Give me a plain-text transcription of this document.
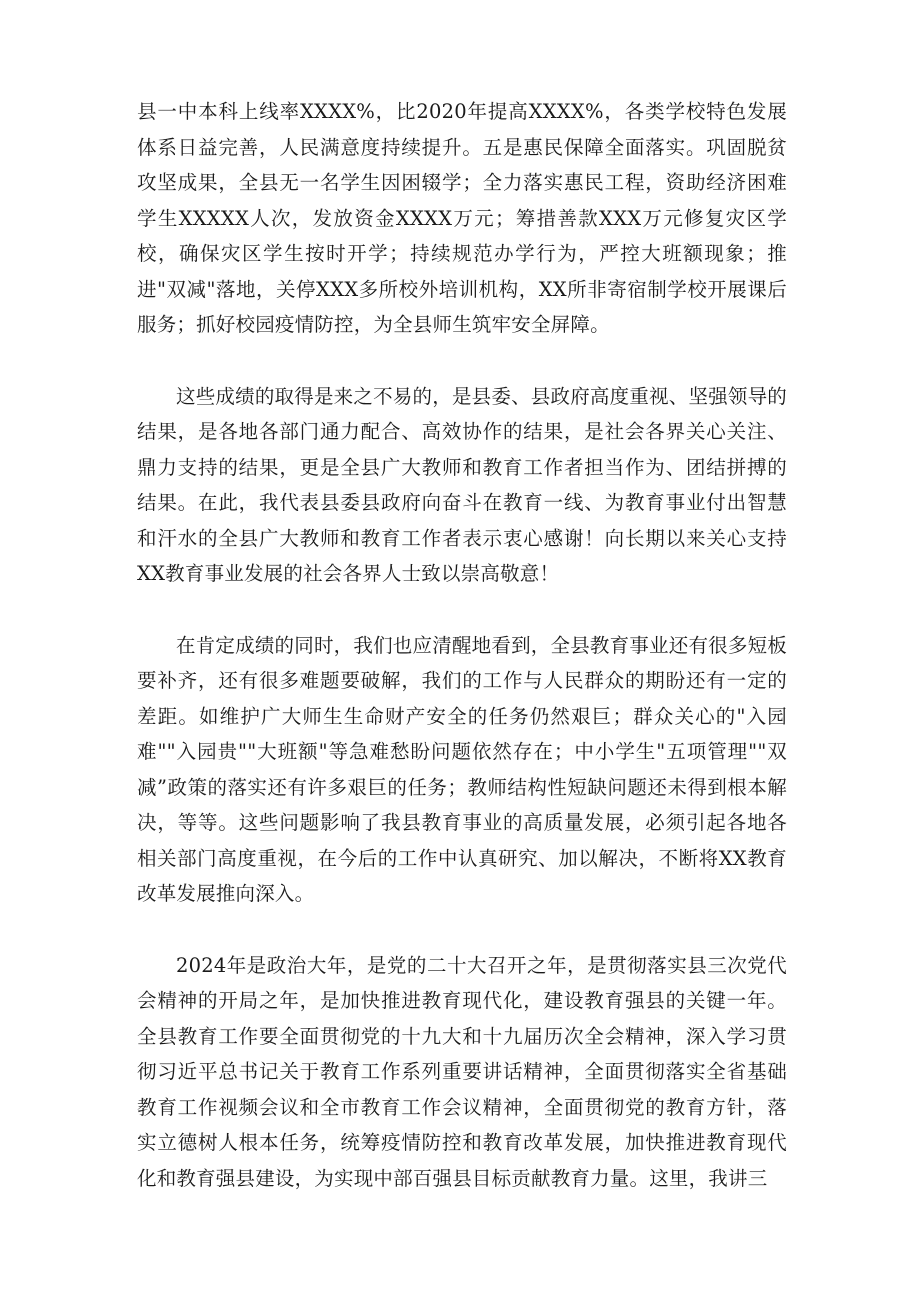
县一中本科上线率XXXX%，比2020年提高XXXX%，各类学校特色发展体系日益完善，人民满意度持续提升。五是惠民保障全面落实。巩固脱贫攻坚成果，全县无一名学生因困辍学；全力落实惠民工程，资助经济困难学生XXXXX人次，发放资金XXXX万元；筹措善款XXX万元修复灾区学校，确保灾区学生按时开学；持续规范办学行为，严控大班额现象；推进"双减"落地，关停XXX多所校外培训机构，XX所非寄宿制学校开展课后服务；抓好校园疫情防控，为全县师生筑牢安全屏障。

这些成绩的取得是来之不易的，是县委、县政府高度重视、坚强领导的结果，是各地各部门通力配合、高效协作的结果，是社会各界关心关注、鼎力支持的结果，更是全县广大教师和教育工作者担当作为、团结拼搏的结果。在此，我代表县委县政府向奋斗在教育一线、为教育事业付出智慧和汗水的全县广大教师和教育工作者表示衷心感谢！向长期以来关心支持XX教育事业发展的社会各界人士致以崇高敬意！

在肯定成绩的同时，我们也应清醒地看到，全县教育事业还有很多短板要补齐，还有很多难题要破解，我们的工作与人民群众的期盼还有一定的差距。如维护广大师生生命财产安全的任务仍然艰巨；群众关心的"入园难""入园贵""大班额"等急难愁盼问题依然存在；中小学生"五项管理""双减”政策的落实还有许多艰巨的任务；教师结构性短缺问题还未得到根本解决，等等。这些问题影响了我县教育事业的高质量发展，必须引起各地各相关部门高度重视，在今后的工作中认真研究、加以解决，不断将XX教育改革发展推向深入。

2024年是政治大年，是党的二十大召开之年，是贯彻落实县三次党代会精神的开局之年，是加快推进教育现代化，建设教育强县的关键一年。全县教育工作要全面贯彻党的十九大和十九届历次全会精神，深入学习贯彻习近平总书记关于教育工作系列重要讲话精神，全面贯彻落实全省基础教育工作视频会议和全市教育工作会议精神，全面贯彻党的教育方针，落实立德树人根本任务，统筹疫情防控和教育改革发展，加快推进教育现代化和教育强县建设，为实现中部百强县目标贡献教育力量。这里，我讲三
